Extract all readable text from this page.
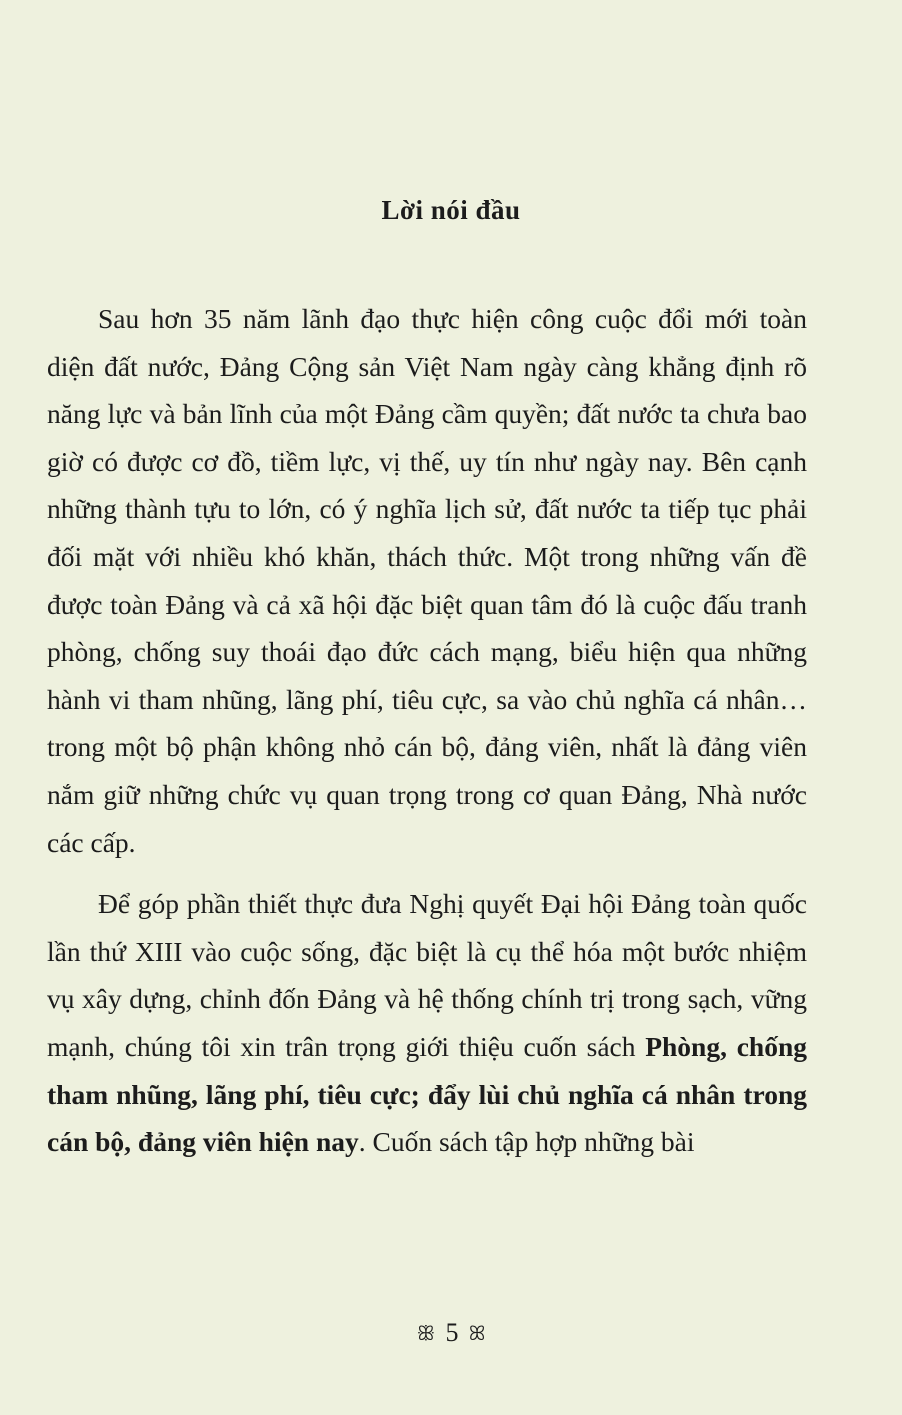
Lời nói đầu

Sau hơn 35 năm lãnh đạo thực hiện công cuộc đổi mới toàn diện đất nước, Đảng Cộng sản Việt Nam ngày càng khẳng định rõ năng lực và bản lĩnh của một Đảng cầm quyền; đất nước ta chưa bao giờ có được cơ đồ, tiềm lực, vị thế, uy tín như ngày nay. Bên cạnh những thành tựu to lớn, có ý nghĩa lịch sử, đất nước ta tiếp tục phải đối mặt với nhiều khó khăn, thách thức. Một trong những vấn đề được toàn Đảng và cả xã hội đặc biệt quan tâm đó là cuộc đấu tranh phòng, chống suy thoái đạo đức cách mạng, biểu hiện qua những hành vi tham nhũng, lãng phí, tiêu cực, sa vào chủ nghĩa cá nhân… trong một bộ phận không nhỏ cán bộ, đảng viên, nhất là đảng viên nắm giữ những chức vụ quan trọng trong cơ quan Đảng, Nhà nước các cấp.

Để góp phần thiết thực đưa Nghị quyết Đại hội Đảng toàn quốc lần thứ XIII vào cuộc sống, đặc biệt là cụ thể hóa một bước nhiệm vụ xây dựng, chỉnh đốn Đảng và hệ thống chính trị trong sạch, vững mạnh, chúng tôi xin trân trọng giới thiệu cuốn sách Phòng, chống tham nhũng, lãng phí, tiêu cực; đẩy lùi chủ nghĩa cá nhân trong cán bộ, đảng viên hiện nay. Cuốn sách tập hợp những bài

ꕥ 5 ꕤ
